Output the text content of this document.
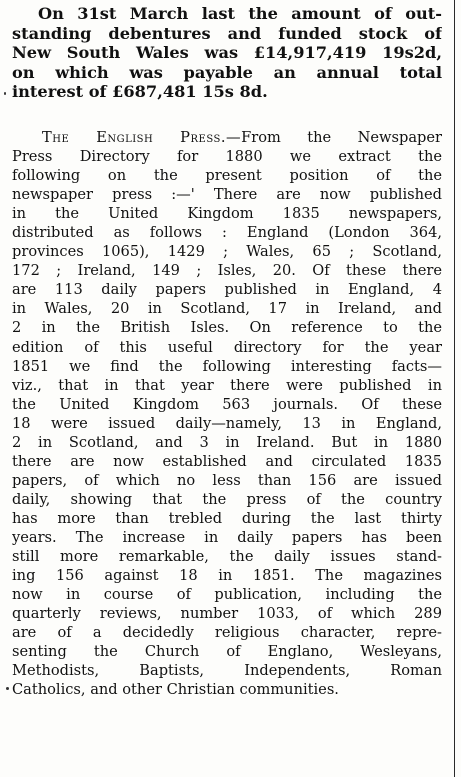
On 31st March last the amount of out-
standing debentures and funded stock of
New South Wales was £14,917,419 19s2d,
on which was payable an annual total
interest of £687,481 15s 8d.
The English Press.—From the Newspaper
Press Directory for 1880 we extract the
following on the present position of the
newspaper press :—' There are now published
in the United Kingdom 1835 newspapers,
distributed as follows : England (London 364,
provinces 1065), 1429 ; Wales, 65 ; Scotland,
172 ; Ireland, 149 ; Isles, 20. Of these there
are 113 daily papers published in England, 4
in Wales, 20 in Scotland, 17 in Ireland, and
2 in the British Isles. On reference to the
edition of this useful directory for the year
1851 we find the following interesting facts—
viz., that in that year there were published in
the United Kingdom 563 journals. Of these
18 were issued daily—namely, 13 in England,
2 in Scotland, and 3 in Ireland. But in 1880
there are now established and circulated 1835
papers, of which no less than 156 are issued
daily, showing that the press of the country
has more than trebled during the last thirty
years. The increase in daily papers has been
still more remarkable, the daily issues stand-
ing 156 against 18 in 1851. The magazines
now in course of publication, including the
quarterly reviews, number 1033, of which 289
are of a decidedly religious character, repre-
senting the Church of Englano, Wesleyans,
Methodists, Baptists, Independents, Roman
Catholics, and other Christian communities.
